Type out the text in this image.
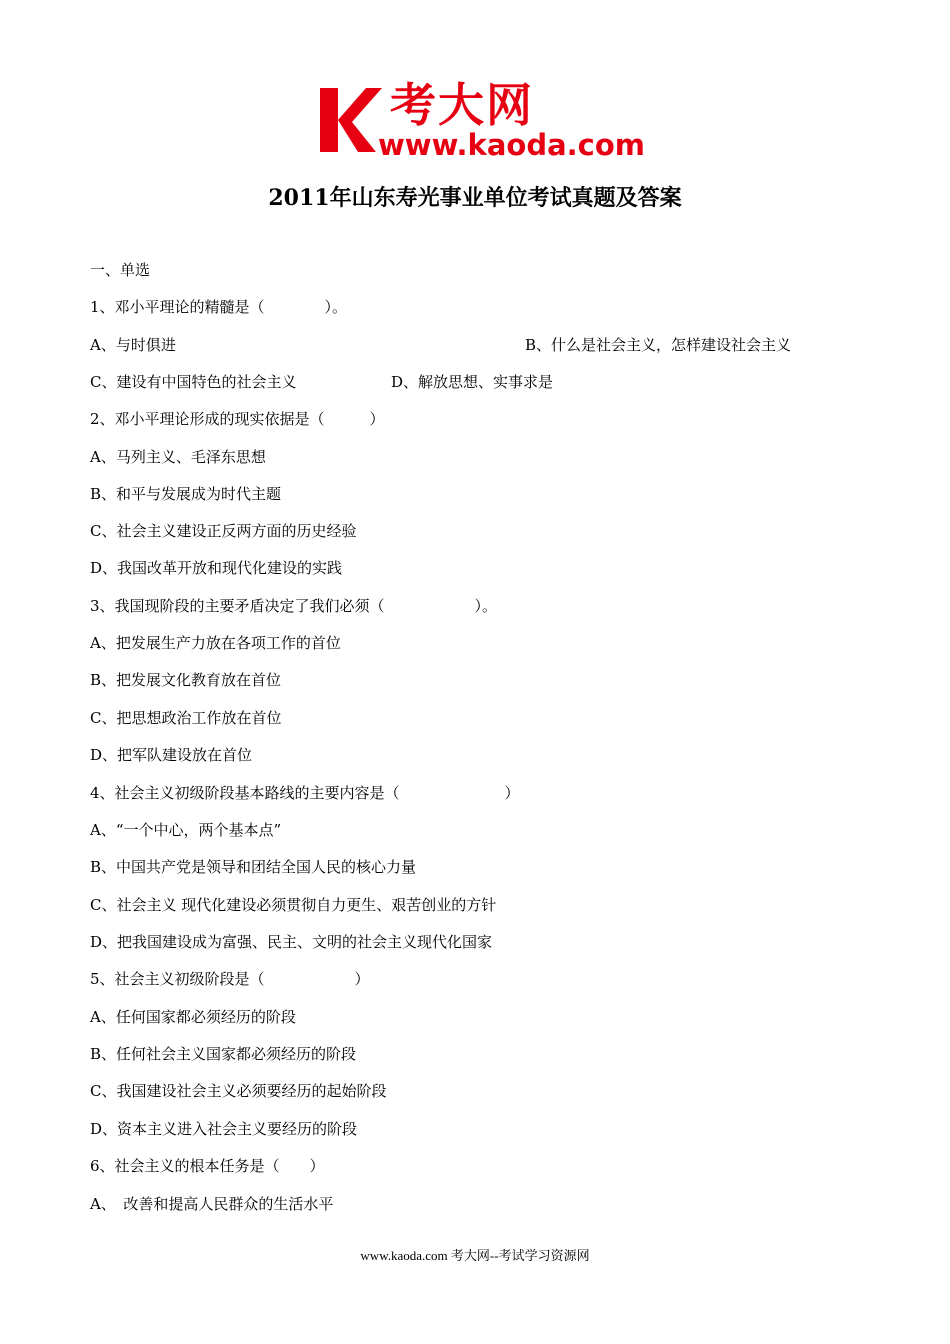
考大网
www.kaoda.com
2011年山东寿光事业单位考试真题及答案
一、单选
1、邓小平理论的精髓是（　　　　）。
A、与时俱进	B、什么是社会主义，怎样建设社会主义
C、建设有中国特色的社会主义	D、解放思想、实事求是
2、邓小平理论形成的现实依据是（　　　）
A、马列主义、毛泽东思想
B、和平与发展成为时代主题
C、社会主义建设正反两方面的历史经验
D、我国改革开放和现代化建设的实践
3、我国现阶段的主要矛盾决定了我们必须（　　　　　　）。
A、把发展生产力放在各项工作的首位
B、把发展文化教育放在首位
C、把思想政治工作放在首位
D、把军队建设放在首位
4、社会主义初级阶段基本路线的主要内容是（　　　　　　　）
A、“一个中心，两个基本点”
B、中国共产党是领导和团结全国人民的核心力量
C、社会主义 现代化建设必须贯彻自力更生、艰苦创业的方针
D、把我国建设成为富强、民主、文明的社会主义现代化国家
5、社会主义初级阶段是（　　　　　　）
A、任何国家都必须经历的阶段
B、任何社会主义国家都必须经历的阶段
C、我国建设社会主义必须要经历的起始阶段
D、资本主义进入社会主义要经历的阶段
6、社会主义的根本任务是（　　）
A、　改善和提高人民群众的生活水平
www.kaoda.com 考大网--考试学习资源网
